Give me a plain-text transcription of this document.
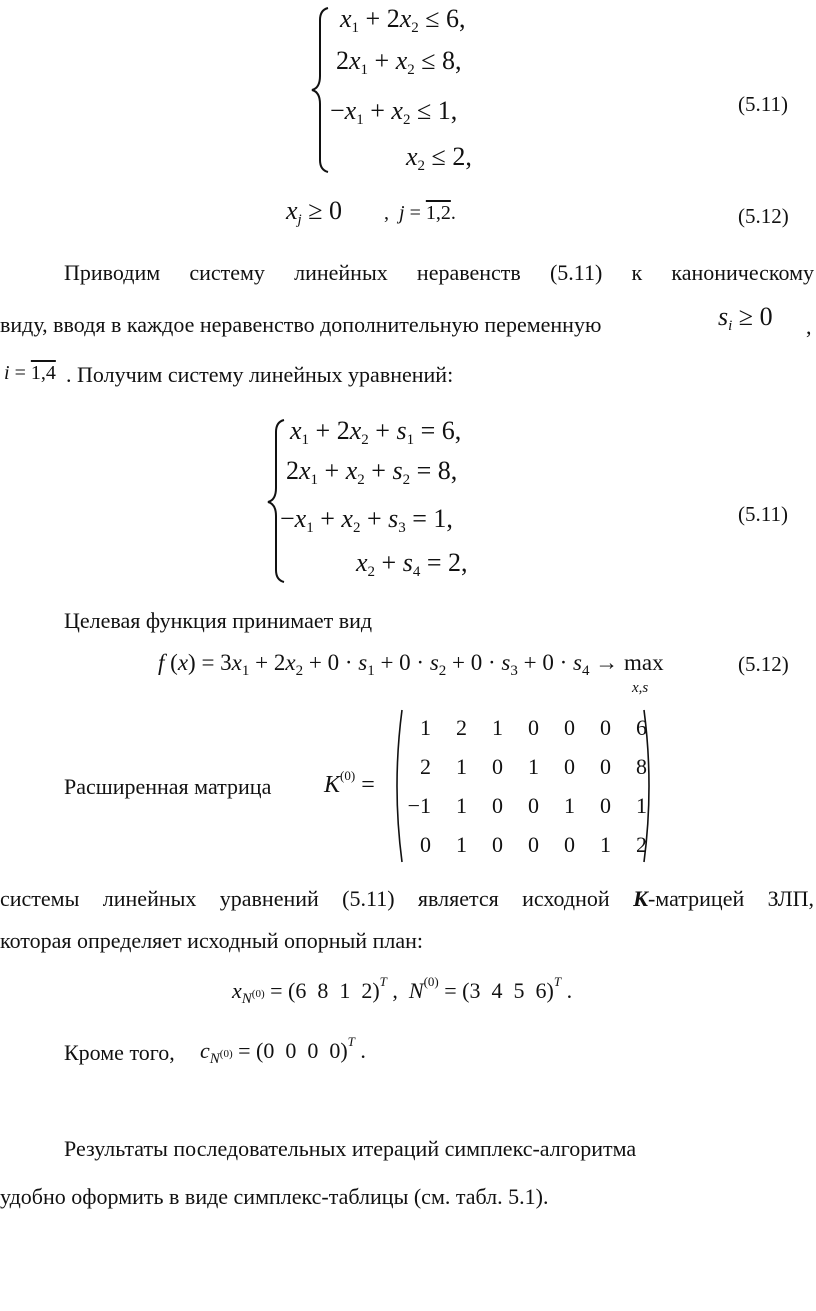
$x_1 + 2x_2 \le 6$,
$2x_1 + x_2 \le 8$,
$-x_1 + x_2 \le 1$,
$x_2 \le 2$,
(5.11)
$x_j \ge 0$ , j = 1,2.	(5.12)
Приводим систему линейных неравенств (5.11) к каноническому
виду, вводя в каждое неравенство дополнительную переменную	$s_i \ge 0$ ,
i = 1,4 . Получим систему линейных уравнений:
$x_1 + 2x_2 + s_1 = 6$,
$2x_1 + x_2 + s_2 = 8$,
$-x_1 + x_2 + s_3 = 1$,
$x_2 + s_4 = 2$,
(5.11)
Целевая функция принимает вид
f $(x) = 3x_1 + 2x_2 + 0 \cdot s_1 + 0 \cdot s_2 + 0 \cdot s_3 + 0 \cdot s_4 \to \max$
x,s
(5.12)
Расширенная матрица $K^{(0)}$ =
1	2	1	0	0	0	6
2	1	0	1	0	0	8
−1	1	0	0	1	0	1
0	1	0	0	0	1	2
системы линейных уравнений (5.11) является исходной К-матрицей ЗЛП,
которая определяет исходный опорный план:
$x_{N^{(0)}} = (6$  8  1  2)$^T$ ,  $N^{(0)} = (3$  4  5  6)$^T$ .
Кроме того, $c_{N^{(0)}} = (0$  0  0  0)$^T$ .
Результаты последовательных итераций симплекс-алгоритма
удобно оформить в виде симплекс-таблицы (см. табл. 5.1).
